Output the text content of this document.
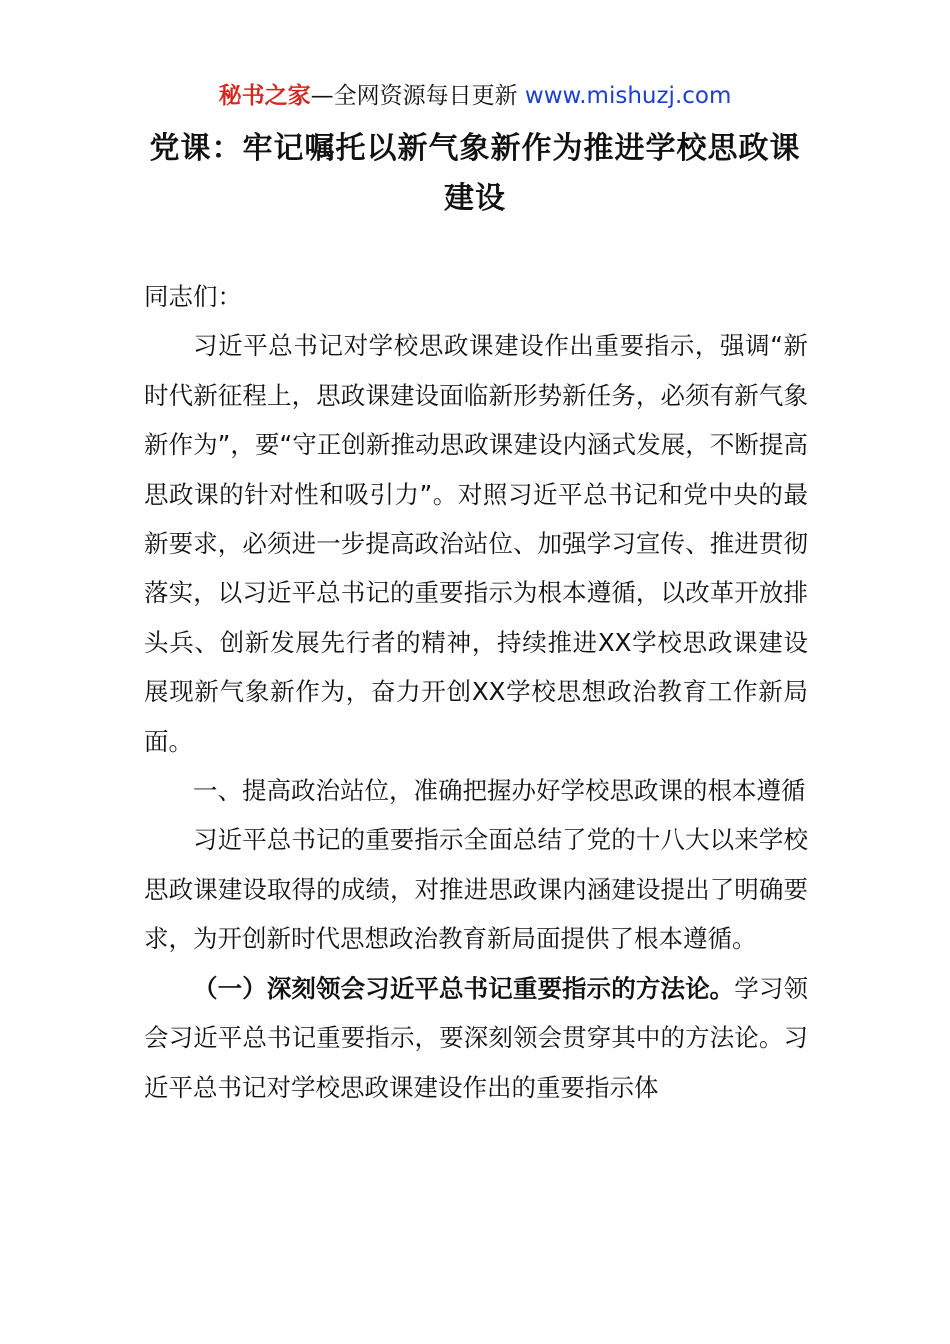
秘书之家—全网资源每日更新 www.mishuzj.com
党课：牢记嘱托以新气象新作为推进学校思政课建设

同志们：

习近平总书记对学校思政课建设作出重要指示，强调“新时代新征程上，思政课建设面临新形势新任务，必须有新气象新作为”，要“守正创新推动思政课建设内涵式发展，不断提高思政课的针对性和吸引力”。对照习近平总书记和党中央的最新要求，必须进一步提高政治站位、加强学习宣传、推进贯彻落实，以习近平总书记的重要指示为根本遵循，以改革开放排头兵、创新发展先行者的精神，持续推进XX学校思政课建设展现新气象新作为，奋力开创XX学校思想政治教育工作新局面。

一、提高政治站位，准确把握办好学校思政课的根本遵循

习近平总书记的重要指示全面总结了党的十八大以来学校思政课建设取得的成绩，对推进思政课内涵建设提出了明确要求，为开创新时代思想政治教育新局面提供了根本遵循。

（一）深刻领会习近平总书记重要指示的方法论。学习领会习近平总书记重要指示，要深刻领会贯穿其中的方法论。习近平总书记对学校思政课建设作出的重要指示体
